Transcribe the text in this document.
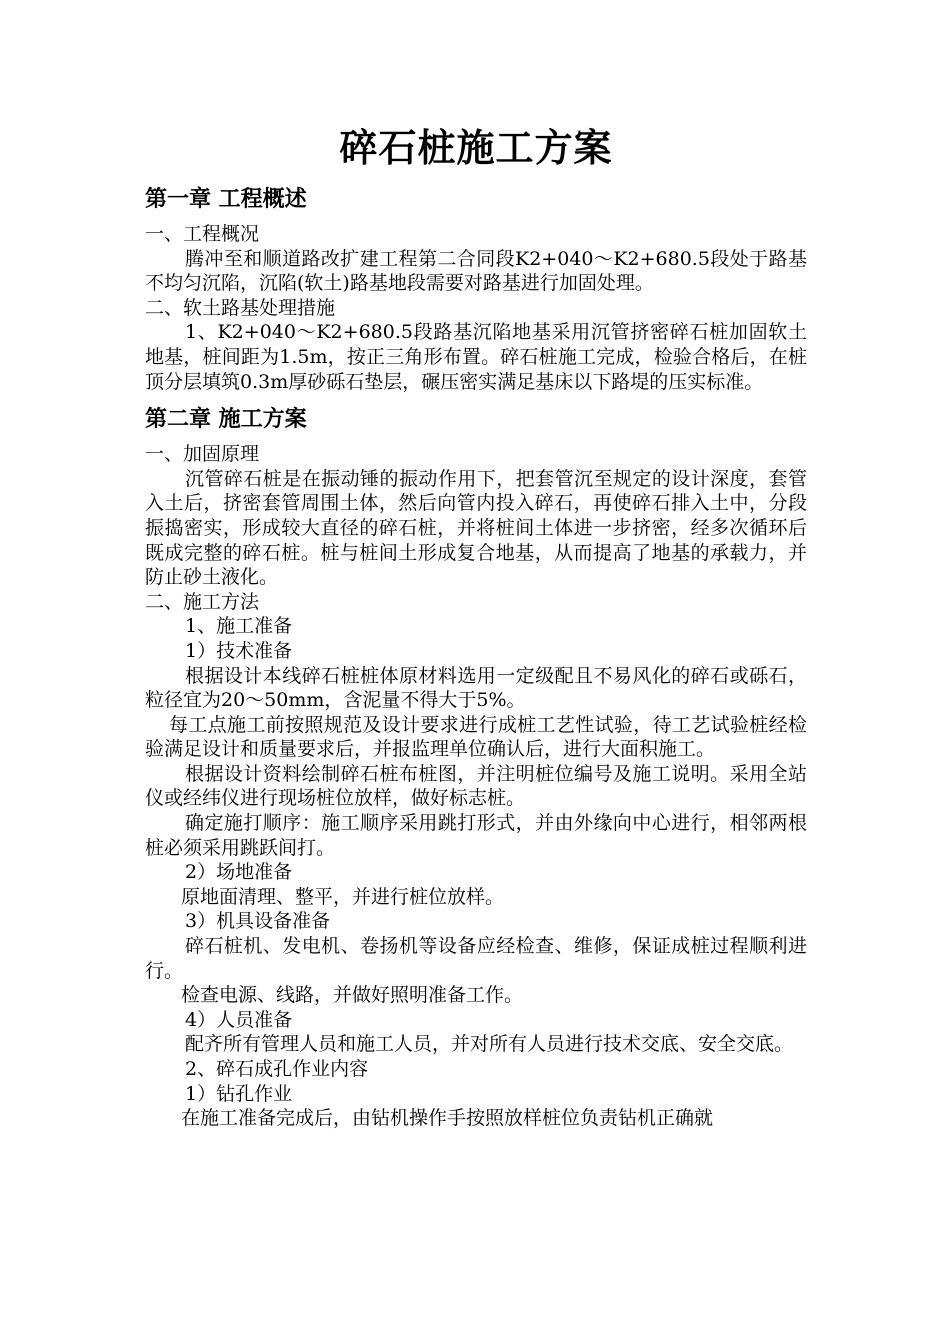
碎石桩施工方案
第一章 工程概述

一、工程概况

腾冲至和顺道路改扩建工程第二合同段K2+040～K2+680.5段处于路基不均匀沉陷，沉陷(软土)路基地段需要对路基进行加固处理。

二、软土路基处理措施

1、K2+040～K2+680.5段路基沉陷地基采用沉管挤密碎石桩加固软土地基，桩间距为1.5m，按正三角形布置。碎石桩施工完成，检验合格后，在桩顶分层填筑0.3m厚砂砾石垫层，碾压密实满足基床以下路堤的压实标准。

第二章 施工方案

一、加固原理

沉管碎石桩是在振动锤的振动作用下，把套管沉至规定的设计深度，套管入土后，挤密套管周围土体，然后向管内投入碎石，再使碎石排入土中，分段振捣密实，形成较大直径的碎石桩，并将桩间土体进一步挤密，经多次循环后既成完整的碎石桩。桩与桩间土形成复合地基，从而提高了地基的承载力，并防止砂土液化。

二、施工方法

1、施工准备

1）技术准备

根据设计本线碎石桩桩体原材料选用一定级配且不易风化的碎石或砾石，粒径宜为20～50mm，含泥量不得大于5%。

每工点施工前按照规范及设计要求进行成桩工艺性试验，待工艺试验桩经检验满足设计和质量要求后，并报监理单位确认后，进行大面积施工。

根据设计资料绘制碎石桩布桩图，并注明桩位编号及施工说明。采用全站仪或经纬仪进行现场桩位放样，做好标志桩。

确定施打顺序：施工顺序采用跳打形式，并由外缘向中心进行，相邻两根桩必须采用跳跃间打。

2）场地准备

原地面清理、整平，并进行桩位放样。

3）机具设备准备

碎石桩机、发电机、卷扬机等设备应经检查、维修，保证成桩过程顺利进行。

检查电源、线路，并做好照明准备工作。

4）人员准备

配齐所有管理人员和施工人员，并对所有人员进行技术交底、安全交底。

2、碎石成孔作业内容

1）钻孔作业

在施工准备完成后，由钻机操作手按照放样桩位负责钻机正确就
